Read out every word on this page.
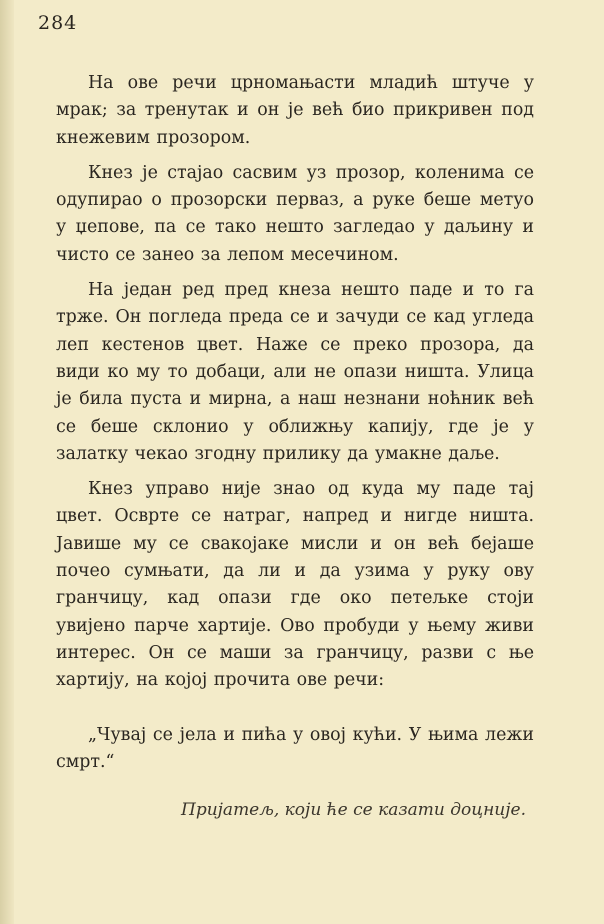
284

На ове речи црномањасти младић штуче у мрак; за тренутак и он је већ био прикривен под кнежевим прозором.

Кнез је стајао сасвим уз прозор, коленима се одупирао о прозорски перваз, а руке беше метуо у џепове, па се тако нешто загледао у даљину и чисто се занео за лепом месечином.

На један ред пред кнеза нешто паде и то га трже. Он погледа преда се и зачуди се кад угледа леп кестенов цвет. Наже се преко прозора, да види ко му то добаци, али не опази ништа. Улица је била пуста и мирна, а наш незнани ноћник већ се беше склонио у оближњу капију, где је у залатку чекао згодну прилику да умакне даље.

Кнез управо није знао од куда му паде тај цвет. Осврте се натраг, напред и нигде ништа. Јавише му се свакојаке мисли и он већ бејаше почео сумњати, да ли и да узима у руку ову гранчицу, кад опази где око петељке стоји увијено парче хартије. Ово пробуди у њему живи интерес. Он се маши за гранчицу, разви с ње хартију, на којој прочита ове речи:

„Чувај се јела и пића у овој кући. У њима лежи смрт.“

Пријатељ, који ће се казати доцније.
